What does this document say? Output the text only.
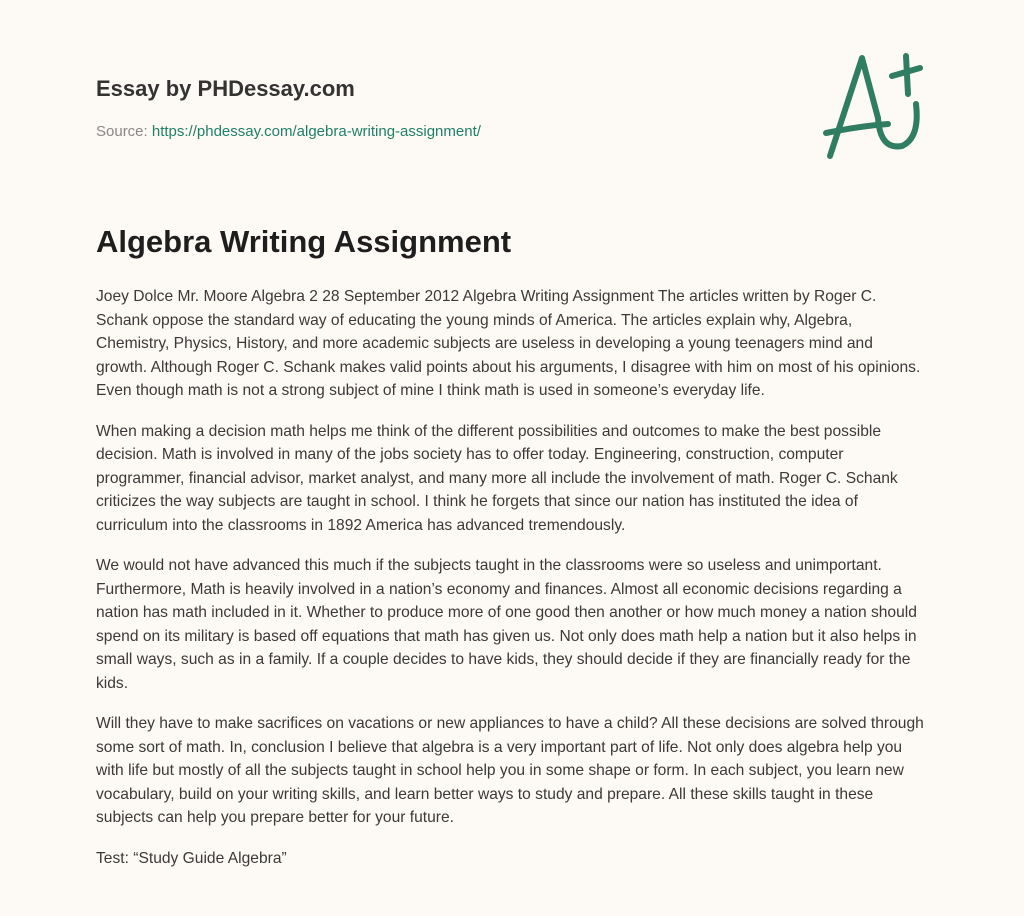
Essay by PHDessay.com
Source: https://phdessay.com/algebra-writing-assignment/
Algebra Writing Assignment

Joey Dolce Mr. Moore Algebra 2 28 September 2012 Algebra Writing Assignment The articles written by Roger C. Schank oppose the standard way of educating the young minds of America. The articles explain why, Algebra, Chemistry, Physics, History, and more academic subjects are useless in developing a young teenagers mind and growth. Although Roger C. Schank makes valid points about his arguments, I disagree with him on most of his opinions. Even though math is not a strong subject of mine I think math is used in someone’s everyday life.

When making a decision math helps me think of the different possibilities and outcomes to make the best possible decision. Math is involved in many of the jobs society has to offer today. Engineering, construction, computer programmer, financial advisor, market analyst, and many more all include the involvement of math. Roger C. Schank criticizes the way subjects are taught in school. I think he forgets that since our nation has instituted the idea of curriculum into the classrooms in 1892 America has advanced tremendously.

We would not have advanced this much if the subjects taught in the classrooms were so useless and unimportant. Furthermore, Math is heavily involved in a nation’s economy and finances. Almost all economic decisions regarding a nation has math included in it. Whether to produce more of one good then another or how much money a nation should spend on its military is based off equations that math has given us. Not only does math help a nation but it also helps in small ways, such as in a family. If a couple decides to have kids, they should decide if they are financially ready for the kids.

Will they have to make sacrifices on vacations or new appliances to have a child? All these decisions are solved through some sort of math. In, conclusion I believe that algebra is a very important part of life. Not only does algebra help you with life but mostly of all the subjects taught in school help you in some shape or form. In each subject, you learn new vocabulary, build on your writing skills, and learn better ways to study and prepare. All these skills taught in these subjects can help you prepare better for your future.

Test: “Study Guide Algebra”
